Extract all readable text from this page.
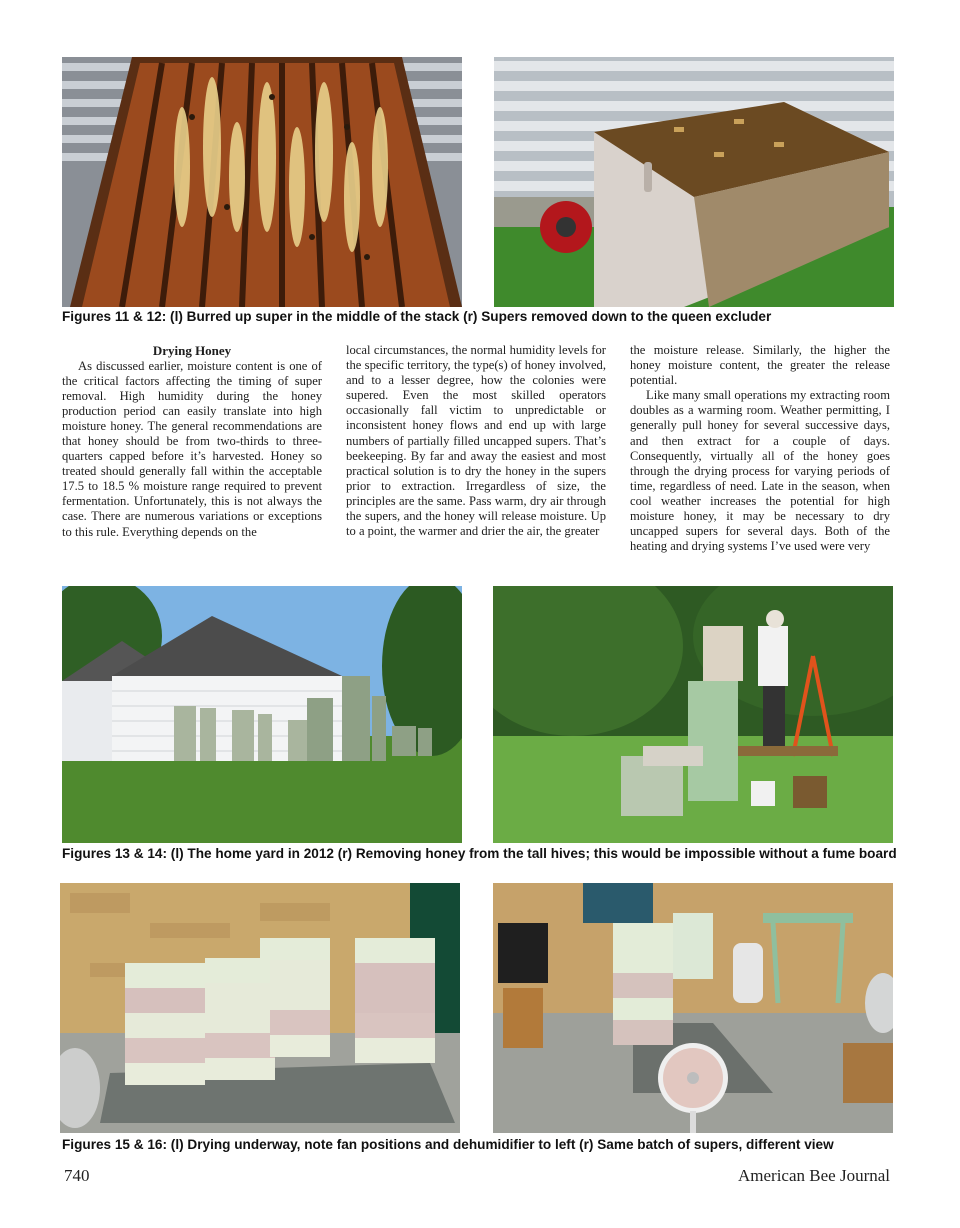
Figures 11 & 12: (l) Burred up super in the middle of the stack (r) Supers removed down to the queen excluder
Drying Honey

As discussed earlier, moisture content is one of the critical factors affecting the timing of super removal. High humidity during the honey production period can easily translate into high moisture honey. The general recommendations are that honey should be from two-thirds to three-quarters capped before it’s harvested. Honey so treated should generally fall within the acceptable 17.5 to 18.5 % moisture range required to prevent fermentation. Unfortunately, this is not always the case. There are numerous variations or exceptions to this rule. Everything depends on the

local circumstances, the normal humidity levels for the specific territory, the type(s) of honey involved, and to a lesser degree, how the colonies were supered. Even the most skilled operators occasionally fall victim to unpredictable or inconsistent honey flows and end up with large numbers of partially filled uncapped supers. That’s beekeeping. By far and away the easiest and most practical solution is to dry the honey in the supers prior to extraction. Irregardless of size, the principles are the same. Pass warm, dry air through the supers, and the honey will release moisture. Up to a point, the warmer and drier the air, the greater

the moisture release. Similarly, the higher the honey moisture content, the greater the release potential.

Like many small operations my extracting room doubles as a warming room. Weather permitting, I generally pull honey for several successive days, and then extract for a couple of days. Consequently, virtually all of the honey goes through the drying process for varying periods of time, regardless of need. Late in the season, when cool weather increases the potential for high moisture honey, it may be necessary to dry uncapped supers for several days. Both of the heating and drying systems I’ve used were very

Figures 13 & 14: (l) The home yard in 2012 (r) Removing honey from the tall hives; this would be impossible without a fume board
Figures 15 & 16: (l) Drying underway, note fan positions and dehumidifier to left (r) Same batch of supers, different view
740	American Bee Journal
